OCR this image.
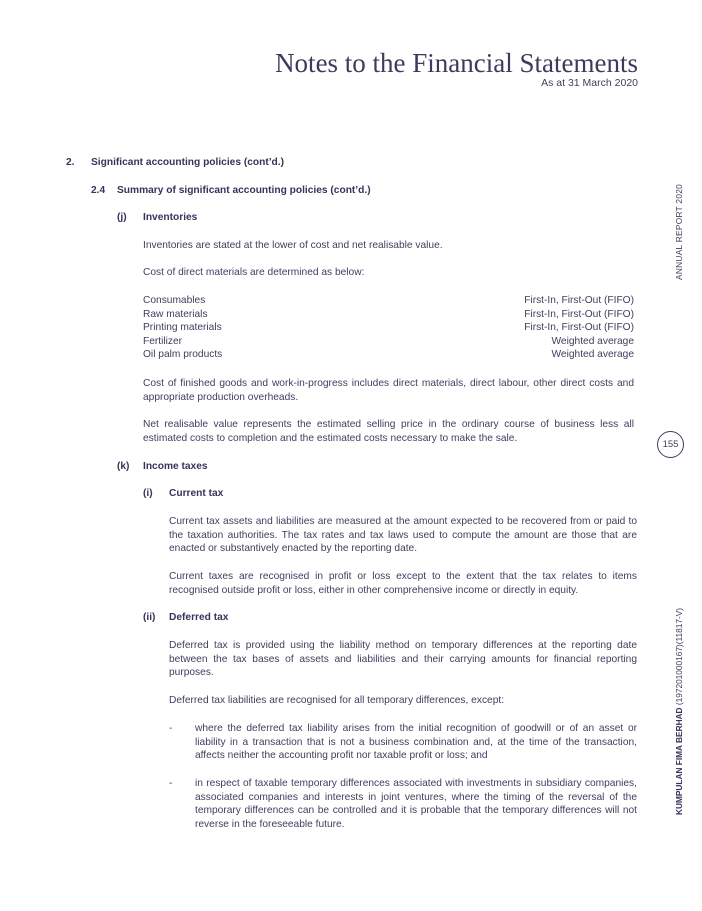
Notes to the Financial Statements
As at 31 March 2020
ANNUAL REPORT 2020
155
KUMPULAN FIMA BERHAD (197201000167)(11817-V)
2. Significant accounting policies (cont’d.)
2.4 Summary of significant accounting policies (cont’d.)
(j) Inventories
Inventories are stated at the lower of cost and net realisable value.
Cost of direct materials are determined as below:
Consumables	First-In, First-Out (FIFO)
Raw materials	First-In, First-Out (FIFO)
Printing materials	First-In, First-Out (FIFO)
Fertilizer	Weighted average
Oil palm products	Weighted average
Cost of finished goods and work-in-progress includes direct materials, direct labour, other direct costs and appropriate production overheads.
Net realisable value represents the estimated selling price in the ordinary course of business less all estimated costs to completion and the estimated costs necessary to make the sale.
(k) Income taxes
(i) Current tax
Current tax assets and liabilities are measured at the amount expected to be recovered from or paid to the taxation authorities. The tax rates and tax laws used to compute the amount are those that are enacted or substantively enacted by the reporting date.
Current taxes are recognised in profit or loss except to the extent that the tax relates to items recognised outside profit or loss, either in other comprehensive income or directly in equity.
(ii) Deferred tax
Deferred tax is provided using the liability method on temporary differences at the reporting date between the tax bases of assets and liabilities and their carrying amounts for financial reporting purposes.
Deferred tax liabilities are recognised for all temporary differences, except:
- where the deferred tax liability arises from the initial recognition of goodwill or of an asset or liability in a transaction that is not a business combination and, at the time of the transaction, affects neither the accounting profit nor taxable profit or loss; and
- in respect of taxable temporary differences associated with investments in subsidiary companies, associated companies and interests in joint ventures, where the timing of the reversal of the temporary differences can be controlled and it is probable that the temporary differences will not reverse in the foreseeable future.
